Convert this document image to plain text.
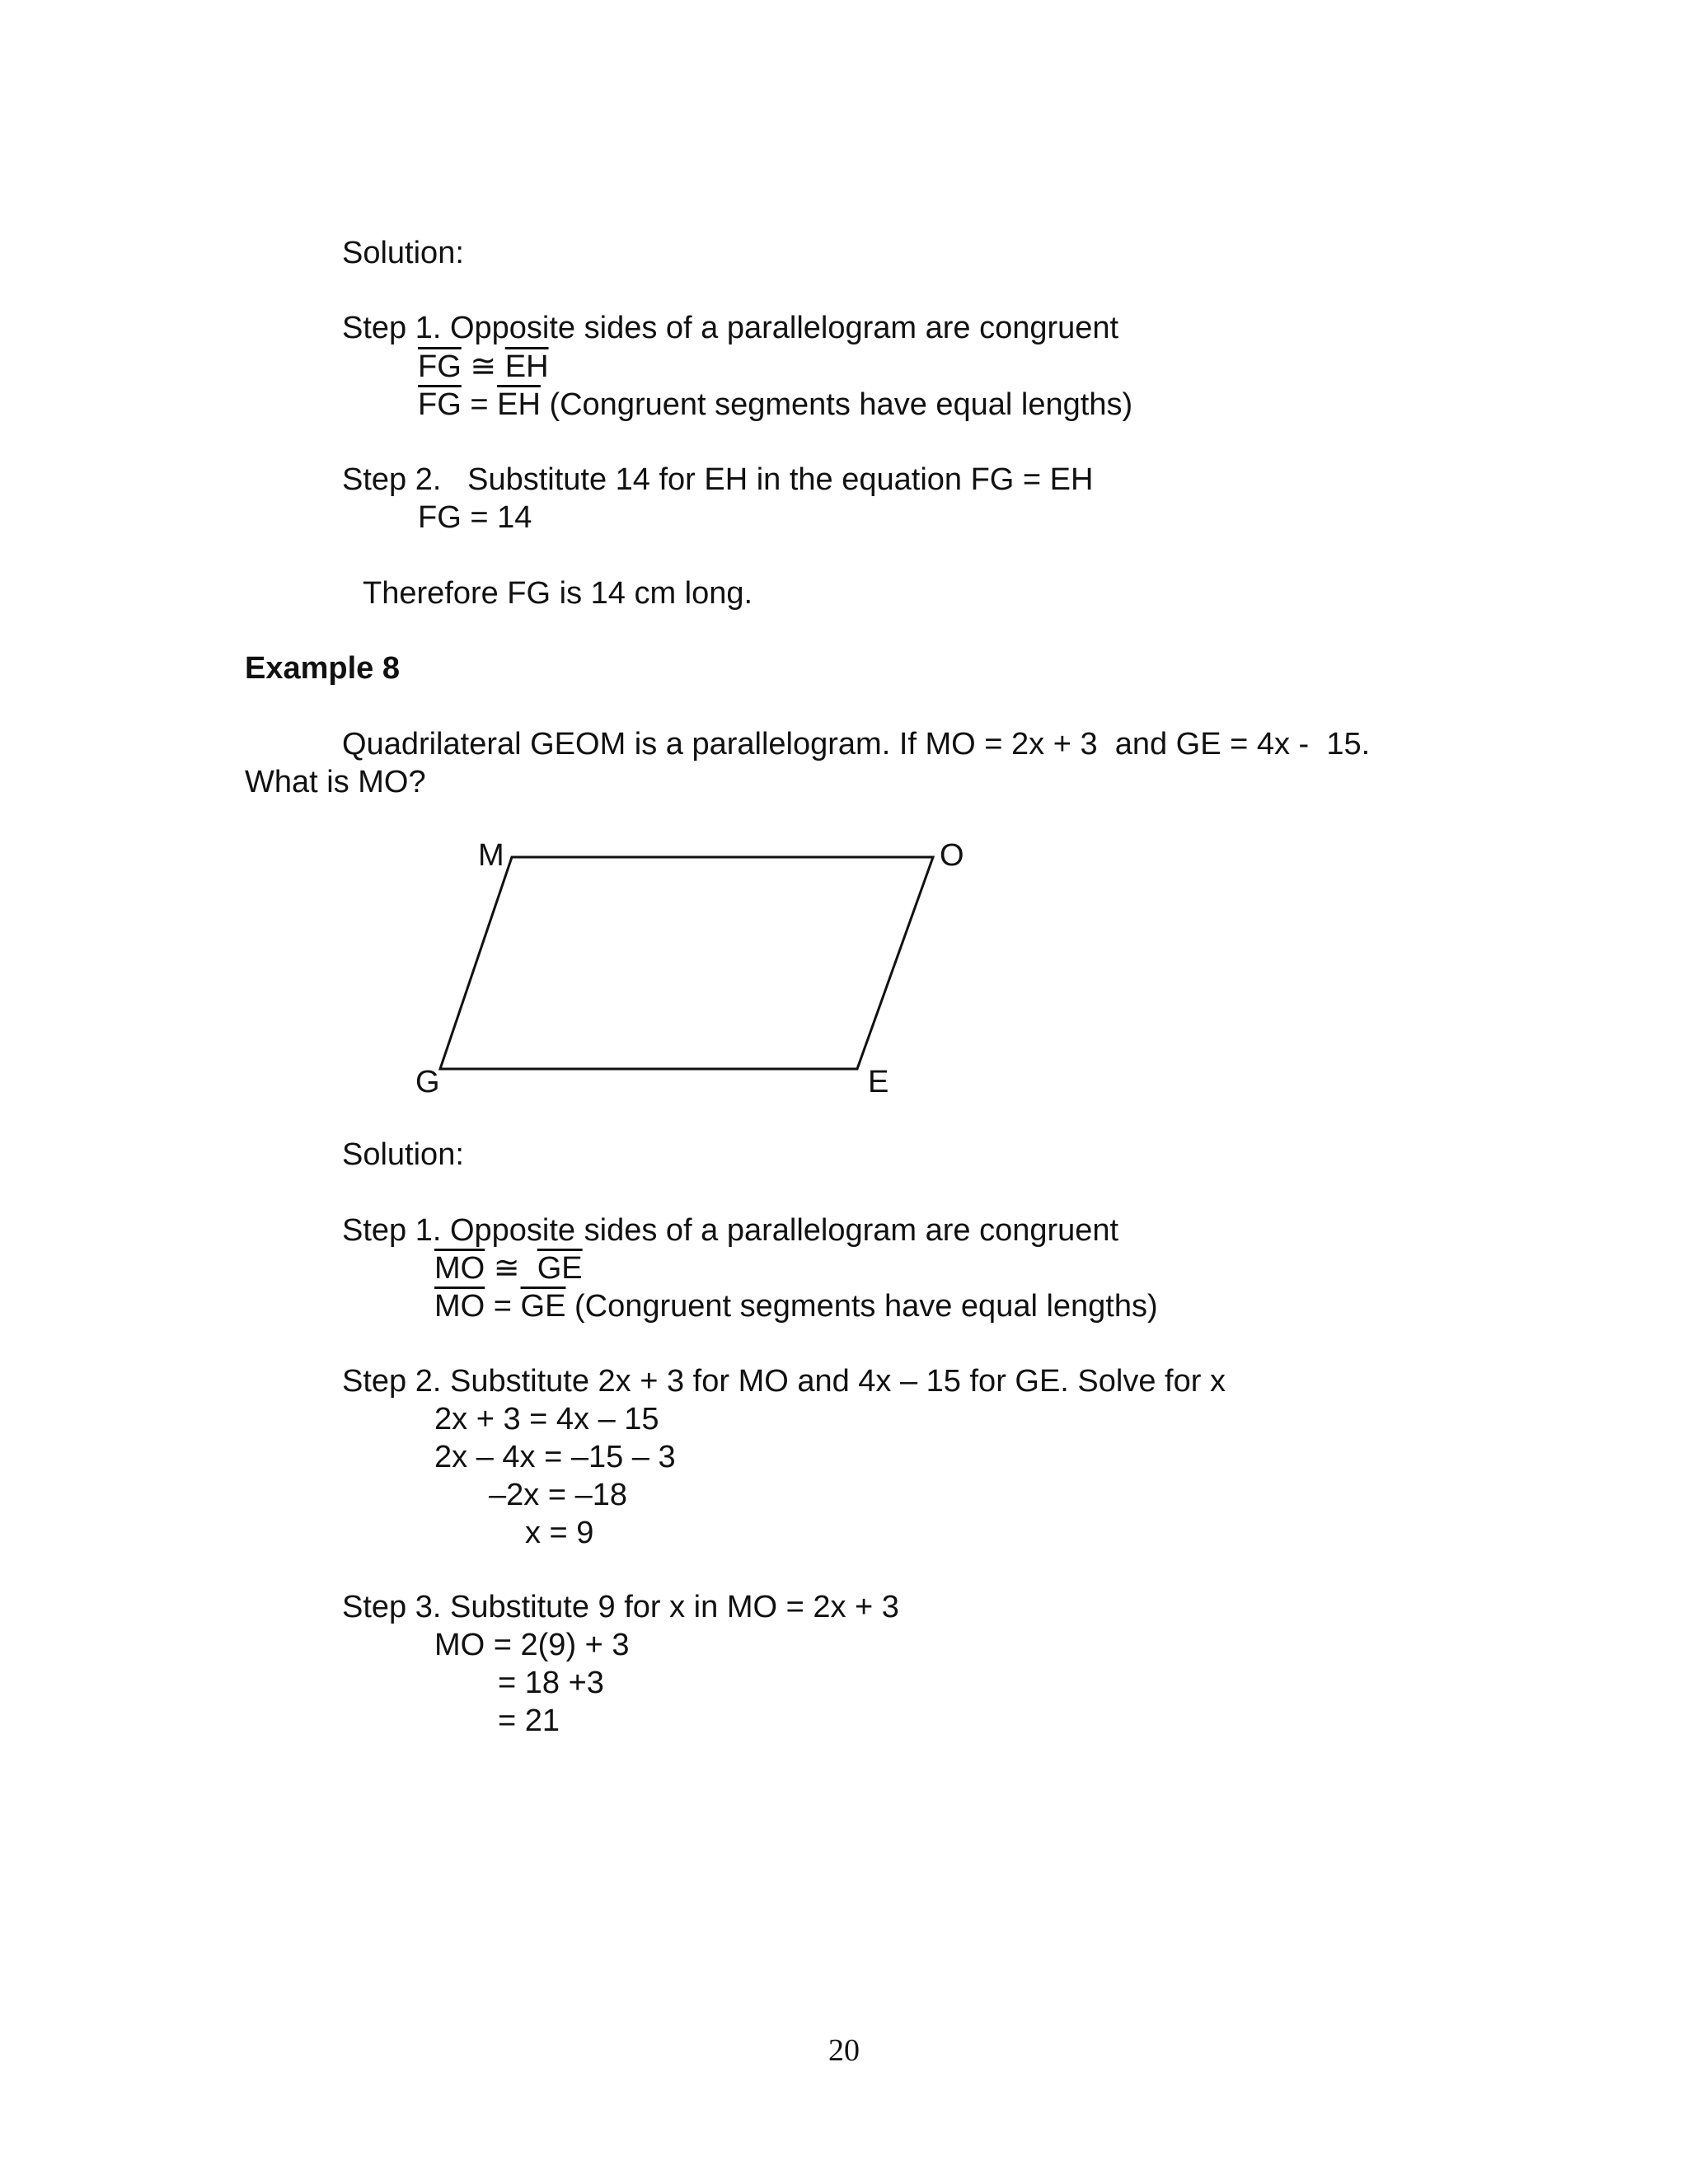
Solution:
Step 1. Opposite sides of a parallelogram are congruent
$\overline{FG}$ ≅ $\overline{EH}$
$\overline{FG} = \overline{EH}$ (Congruent segments have equal lengths)
Step 2.   Substitute 14 for EH in the equation FG = EH
FG = 14
Therefore FG is 14 cm long.
Example 8
Quadrilateral GEOM is a parallelogram. If MO = 2x + 3  and GE = 4x -  15.
What is MO?
M	O
G	E
Solution:
Step 1. Opposite sides of a parallelogram are congruent
$\overline{MO}$ ≅  $\overline{GE}$
$\overline{MO} = \overline{GE}$ (Congruent segments have equal lengths)
Step 2. Substitute 2x + 3 for MO and 4x – 15 for GE. Solve for x
2x + 3 = 4x – 15
2x – 4x = –15 – 3
–2x = –18
x = 9
Step 3. Substitute 9 for x in MO = 2x + 3
MO = 2(9) + 3
= 18 +3
= 21
20
